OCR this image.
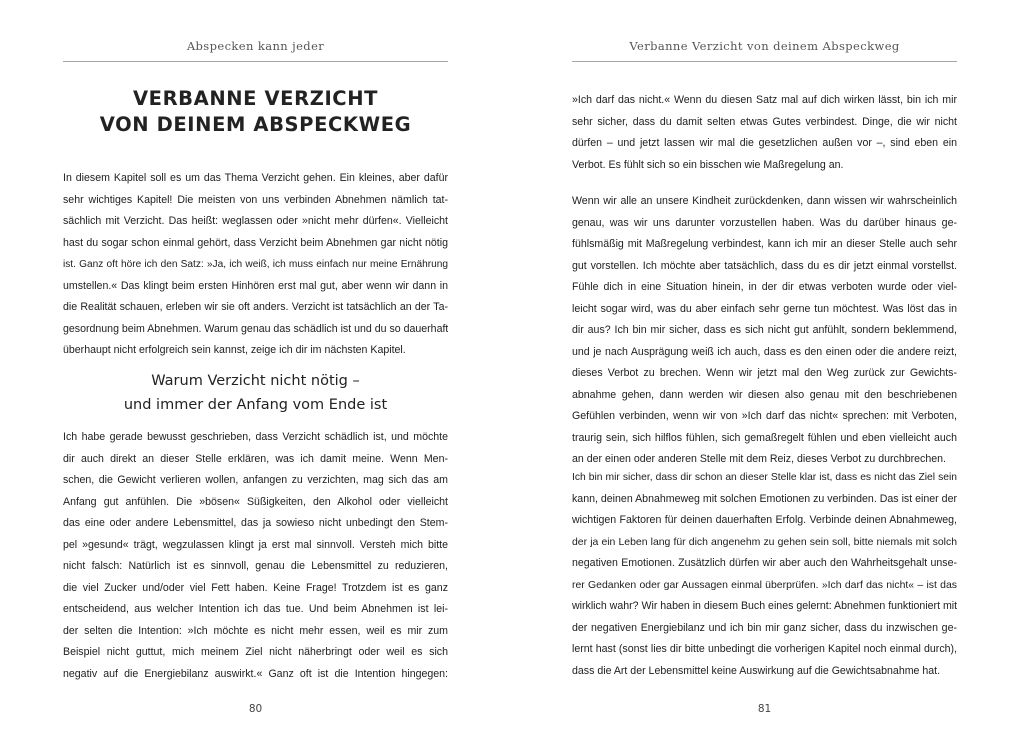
Abspecken kann jeder
VERBANNE VERZICHT
VON DEINEM ABSPECKWEG
In diesem Kapitel soll es um das Thema Verzicht gehen. Ein kleines, aber dafür
sehr wichtiges Kapitel! Die meisten von uns verbinden Abnehmen nämlich tat-
sächlich mit Verzicht. Das heißt: weglassen oder »nicht mehr dürfen«. Vielleicht
hast du sogar schon einmal gehört, dass Verzicht beim Abnehmen gar nicht nötig
ist. Ganz oft höre ich den Satz: »Ja, ich weiß, ich muss einfach nur meine Ernährung
umstellen.« Das klingt beim ersten Hinhören erst mal gut, aber wenn wir dann in
die Realität schauen, erleben wir sie oft anders. Verzicht ist tatsächlich an der Ta-
gesordnung beim Abnehmen. Warum genau das schädlich ist und du so dauerhaft
überhaupt nicht erfolgreich sein kannst, zeige ich dir im nächsten Kapitel.
Warum Verzicht nicht nötig –
und immer der Anfang vom Ende ist
Ich habe gerade bewusst geschrieben, dass Verzicht schädlich ist, und möchte
dir auch direkt an dieser Stelle erklären, was ich damit meine. Wenn Men-
schen, die Gewicht verlieren wollen, anfangen zu verzichten, mag sich das am
Anfang gut anfühlen. Die »bösen« Süßigkeiten, den Alkohol oder vielleicht
das eine oder andere Lebensmittel, das ja sowieso nicht unbedingt den Stem-
pel »gesund« trägt, wegzulassen klingt ja erst mal sinnvoll. Versteh mich bitte
nicht falsch: Natürlich ist es sinnvoll, genau die Lebensmittel zu reduzieren,
die viel Zucker und/oder viel Fett haben. Keine Frage! Trotzdem ist es ganz
entscheidend, aus welcher Intention ich das tue. Und beim Abnehmen ist lei-
der selten die Intention: »Ich möchte es nicht mehr essen, weil es mir zum
Beispiel nicht guttut, mich meinem Ziel nicht näherbringt oder weil es sich
negativ auf die Energiebilanz auswirkt.« Ganz oft ist die Intention hingegen:
80
Verbanne Verzicht von deinem Abspeckweg
»Ich darf das nicht.« Wenn du diesen Satz mal auf dich wirken lässt, bin ich mir
sehr sicher, dass du damit selten etwas Gutes verbindest. Dinge, die wir nicht
dürfen – und jetzt lassen wir mal die gesetzlichen außen vor –, sind eben ein
Verbot. Es fühlt sich so ein bisschen wie Maßregelung an.
Wenn wir alle an unsere Kindheit zurückdenken, dann wissen wir wahrscheinlich
genau, was wir uns darunter vorzustellen haben. Was du darüber hinaus ge-
fühlsmäßig mit Maßregelung verbindest, kann ich mir an dieser Stelle auch sehr
gut vorstellen. Ich möchte aber tatsächlich, dass du es dir jetzt einmal vorstellst.
Fühle dich in eine Situation hinein, in der dir etwas verboten wurde oder viel-
leicht sogar wird, was du aber einfach sehr gerne tun möchtest. Was löst das in
dir aus? Ich bin mir sicher, dass es sich nicht gut anfühlt, sondern beklemmend,
und je nach Ausprägung weiß ich auch, dass es den einen oder die andere reizt,
dieses Verbot zu brechen. Wenn wir jetzt mal den Weg zurück zur Gewichts-
abnahme gehen, dann werden wir diesen also genau mit den beschriebenen
Gefühlen verbinden, wenn wir von »Ich darf das nicht« sprechen: mit Verboten,
traurig sein, sich hilflos fühlen, sich gemaßregelt fühlen und eben vielleicht auch
an der einen oder anderen Stelle mit dem Reiz, dieses Verbot zu durchbrechen.
Ich bin mir sicher, dass dir schon an dieser Stelle klar ist, dass es nicht das Ziel sein
kann, deinen Abnahmeweg mit solchen Emotionen zu verbinden. Das ist einer der
wichtigen Faktoren für deinen dauerhaften Erfolg. Verbinde deinen Abnahmeweg,
der ja ein Leben lang für dich angenehm zu gehen sein soll, bitte niemals mit solch
negativen Emotionen. Zusätzlich dürfen wir aber auch den Wahrheitsgehalt unse-
rer Gedanken oder gar Aussagen einmal überprüfen. »Ich darf das nicht« – ist das
wirklich wahr? Wir haben in diesem Buch eines gelernt: Abnehmen funktioniert mit
der negativen Energiebilanz und ich bin mir ganz sicher, dass du inzwischen ge-
lernt hast (sonst lies dir bitte unbedingt die vorherigen Kapitel noch einmal durch),
dass die Art der Lebensmittel keine Auswirkung auf die Gewichtsabnahme hat.
81
